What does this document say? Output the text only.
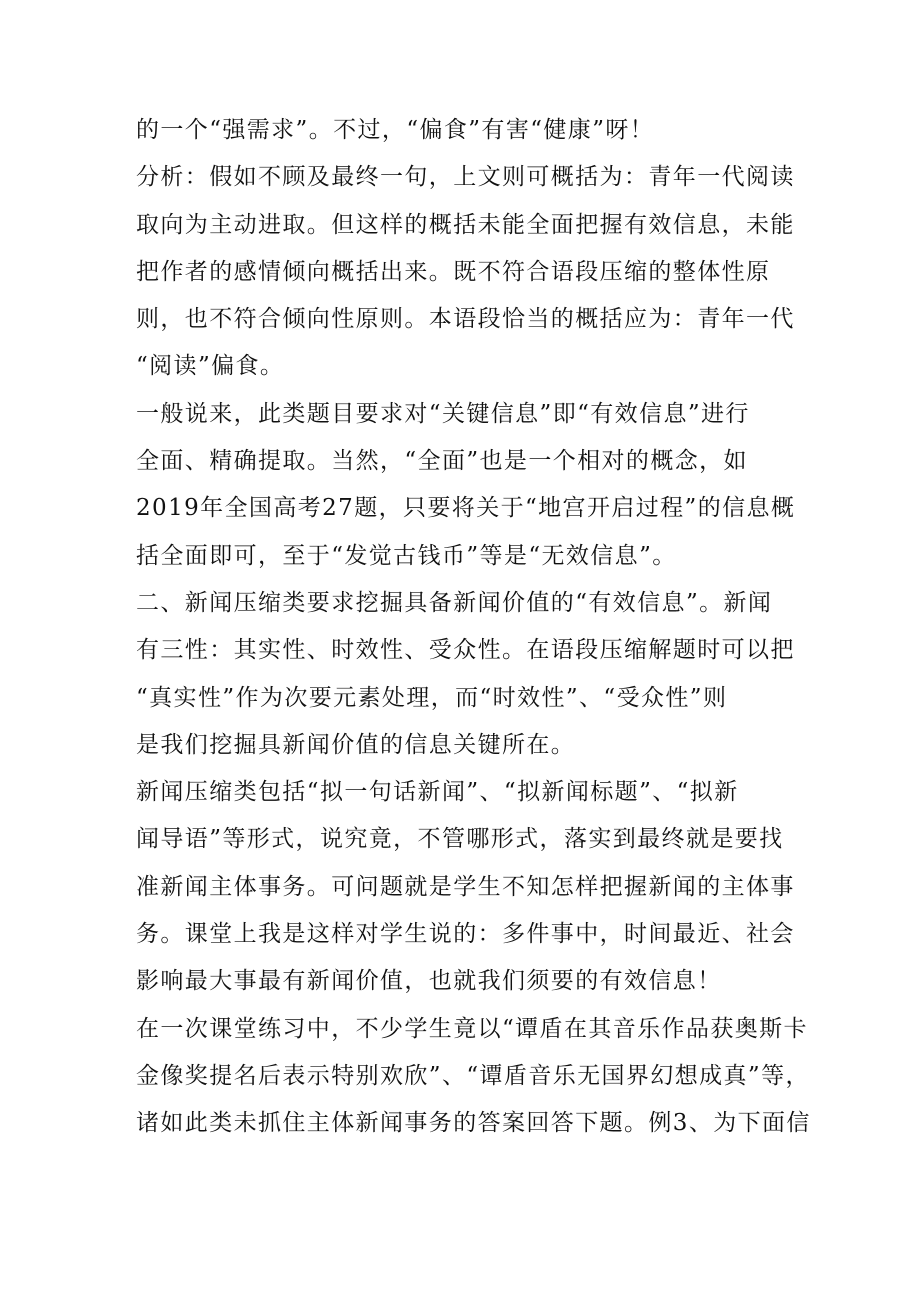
的一个“强需求”。不过，“偏食”有害“健康”呀！
分析：假如不顾及最终一句，上文则可概括为：青年一代阅读
取向为主动进取。但这样的概括未能全面把握有效信息，未能
把作者的感情倾向概括出来。既不符合语段压缩的整体性原
则，也不符合倾向性原则。本语段恰当的概括应为：青年一代
“阅读”偏食。
一般说来，此类题目要求对“关键信息”即“有效信息”进行
全面、精确提取。当然，“全面”也是一个相对的概念，如
2019年全国高考27题，只要将关于“地宫开启过程”的信息概
括全面即可，至于“发觉古钱币”等是“无效信息”。
二、新闻压缩类要求挖掘具备新闻价值的“有效信息”。新闻
有三性：其实性、时效性、受众性。在语段压缩解题时可以把
“真实性”作为次要元素处理，而“时效性”、“受众性”则
是我们挖掘具新闻价值的信息关键所在。
新闻压缩类包括“拟一句话新闻”、“拟新闻标题”、“拟新
闻导语”等形式，说究竟，不管哪形式，落实到最终就是要找
准新闻主体事务。可问题就是学生不知怎样把握新闻的主体事
务。课堂上我是这样对学生说的：多件事中，时间最近、社会
影响最大事最有新闻价值，也就我们须要的有效信息！
在一次课堂练习中，不少学生竟以“谭盾在其音乐作品获奥斯卡
金像奖提名后表示特别欢欣”、“谭盾音乐无国界幻想成真”等，
诸如此类未抓住主体新闻事务的答案回答下题。例3、为下面信
